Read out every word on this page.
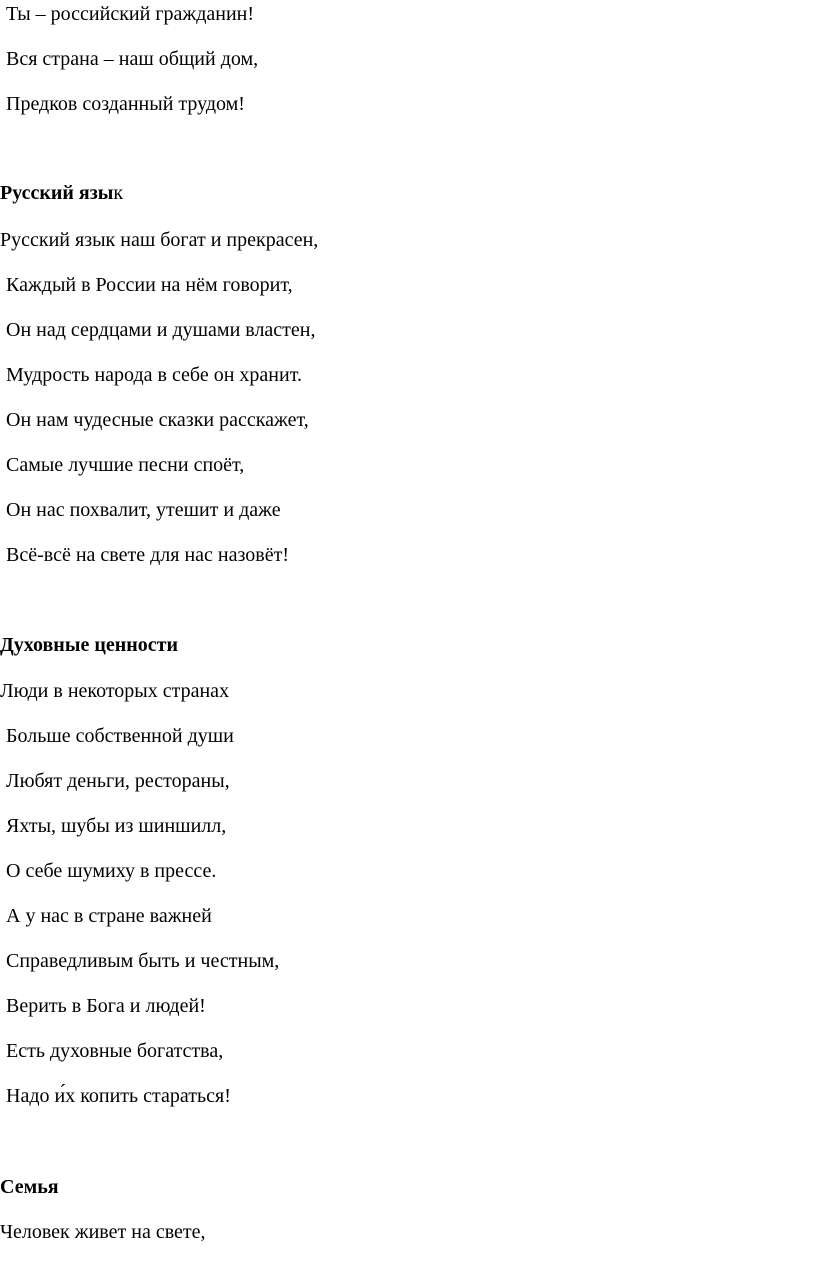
Ты – российский гражданин!
Вся страна – наш общий дом,
Предков созданный трудом!
Русский язык
Русский язык наш богат и прекрасен,
Каждый в России на нём говорит,
Он над сердцами и душами властен,
Мудрость народа в себе он хранит.
Он нам чудесные сказки расскажет,
Самые лучшие песни споёт,
Он нас похвалит, утешит и даже
Всё-всё на свете для нас назовёт!
Духовные ценности
Люди в некоторых странах
Больше собственной души
Любят деньги, рестораны,
Яхты, шубы из шиншилл,
О себе шумиху в прессе.
А у нас в стране важней
Справедливым быть и честным,
Верить в Бога и людей!
Есть духовные богатства,
Надо и́х копить стараться!
Семья
Человек живет на свете,
